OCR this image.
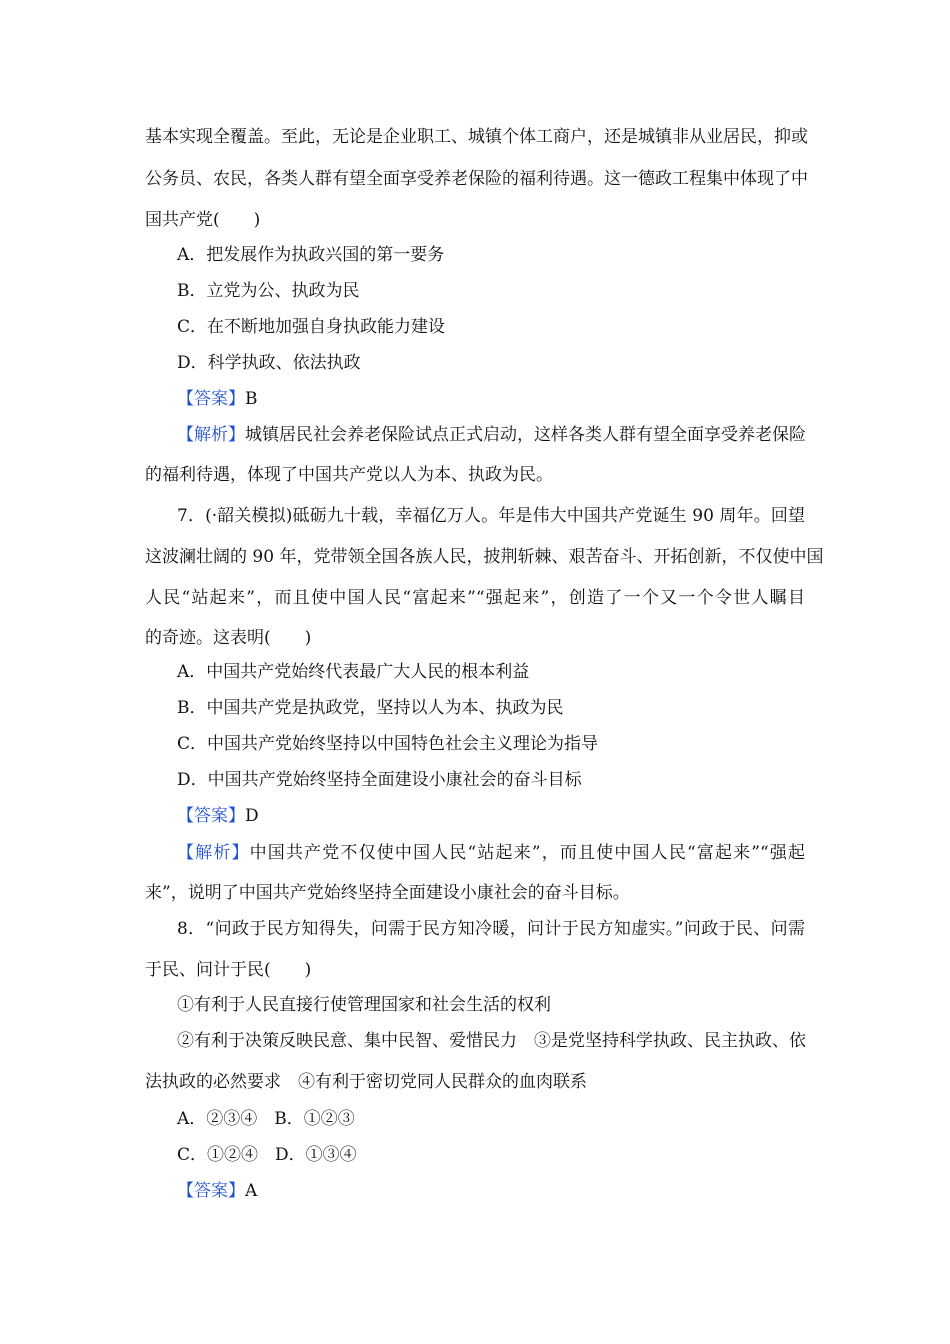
基本实现全覆盖。至此，无论是企业职工、城镇个体工商户，还是城镇非从业居民，抑或
公务员、农民，各类人群有望全面享受养老保险的福利待遇。这一德政工程集中体现了中
国共产党(　　)
A．把发展作为执政兴国的第一要务
B．立党为公、执政为民
C．在不断地加强自身执政能力建设
D．科学执政、依法执政
【答案】B
【解析】城镇居民社会养老保险试点正式启动，这样各类人群有望全面享受养老保险
的福利待遇，体现了中国共产党以人为本、执政为民。
7．(·韶关模拟)砥砺九十载，幸福亿万人。年是伟大中国共产党诞生 90 周年。回望
这波澜壮阔的 90 年，党带领全国各族人民，披荆斩棘、艰苦奋斗、开拓创新，不仅使中国
人民“站起来”，而且使中国人民“富起来”“强起来”，创造了一个又一个令世人瞩目
的奇迹。这表明(　　)
A．中国共产党始终代表最广大人民的根本利益
B．中国共产党是执政党，坚持以人为本、执政为民
C．中国共产党始终坚持以中国特色社会主义理论为指导
D．中国共产党始终坚持全面建设小康社会的奋斗目标
【答案】D
【解析】中国共产党不仅使中国人民“站起来”，而且使中国人民“富起来”“强起
来”，说明了中国共产党始终坚持全面建设小康社会的奋斗目标。
8．“问政于民方知得失，问需于民方知冷暖，问计于民方知虚实。”问政于民、问需
于民、问计于民(　　)
①有利于人民直接行使管理国家和社会生活的权利
②有利于决策反映民意、集中民智、爱惜民力　③是党坚持科学执政、民主执政、依
法执政的必然要求　④有利于密切党同人民群众的血肉联系
A．②③④　B．①②③
C．①②④　D．①③④
【答案】A
